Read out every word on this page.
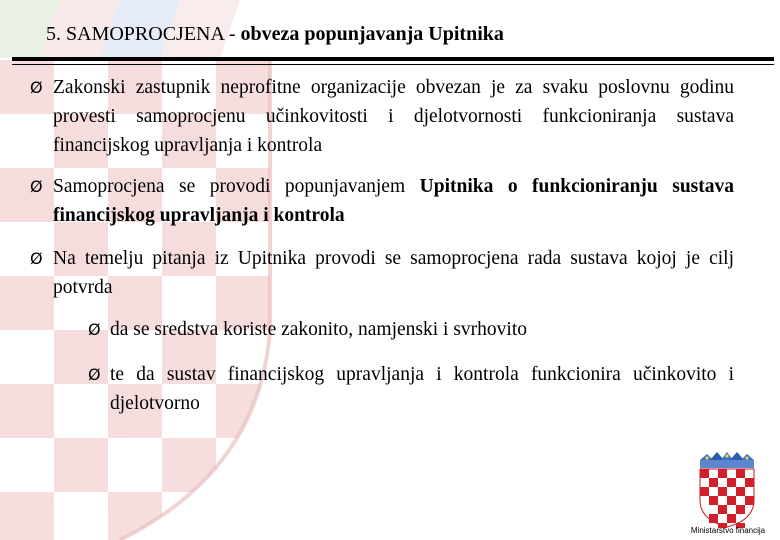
5. SAMOPROCJENA - obveza popunjavanja Upitnika
Ø Zakonski zastupnik neprofitne organizacije obvezan je za svaku poslovnu godinu provesti samoprocjenu učinkovitosti i djelotvornosti funkcioniranja sustava financijskog upravljanja i kontrola
Ø Samoprocjena se provodi popunjavanjem Upitnika o funkcioniranju sustava financijskog upravljanja i kontrola
Ø Na temelju pitanja iz Upitnika provodi se samoprocjena rada sustava kojoj je cilj potvrda
Ø da se sredstva koriste zakonito, namjenski i svrhovito
Ø te da sustav financijskog upravljanja i kontrola funkcionira učinkovito i djelotvorno
Ministarstvo financija
